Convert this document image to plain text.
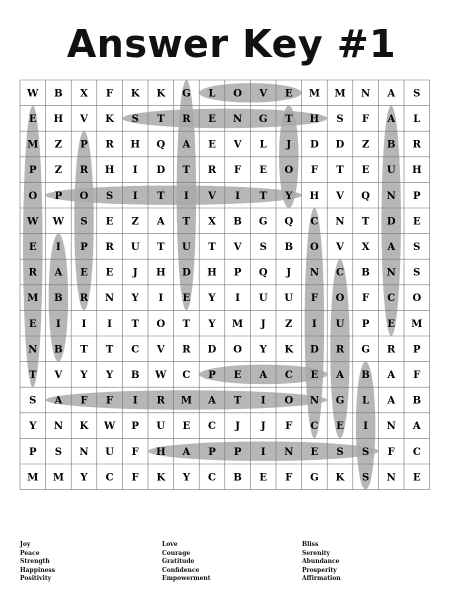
Answer Key #1
W B X F K K G L O V E M M N A S
E H V K S T R E N G T H S F A L
M Z P R H Q A E V L J D D Z B R
P Z R H I D T R F E O F T E U H
O P O S I T I V I T Y H V Q N P
W W S E Z A T X B G Q C N T D E
E I P R U T U T V S B O V X A S
R A E E J H D H P Q J N C B N S
M B R N Y I E Y I U U F O F C O
E I I I T O T Y M J Z I U P E M
N B T T C V R D O Y K D R G R P
T V Y Y B W C P E A C E A B A F
S A F F I R M A T I O N G L A B
Y N K W P U E C J J F C E I N A
P S N U F H A P P I N E S S F C
M M Y C F K Y C B E F G K S N E
Joy
Peace
Strength
Happiness
Positivity
Love
Courage
Gratitude
Confidence
Empowerment
Bliss
Serenity
Abundance
Prosperity
Affirmation
